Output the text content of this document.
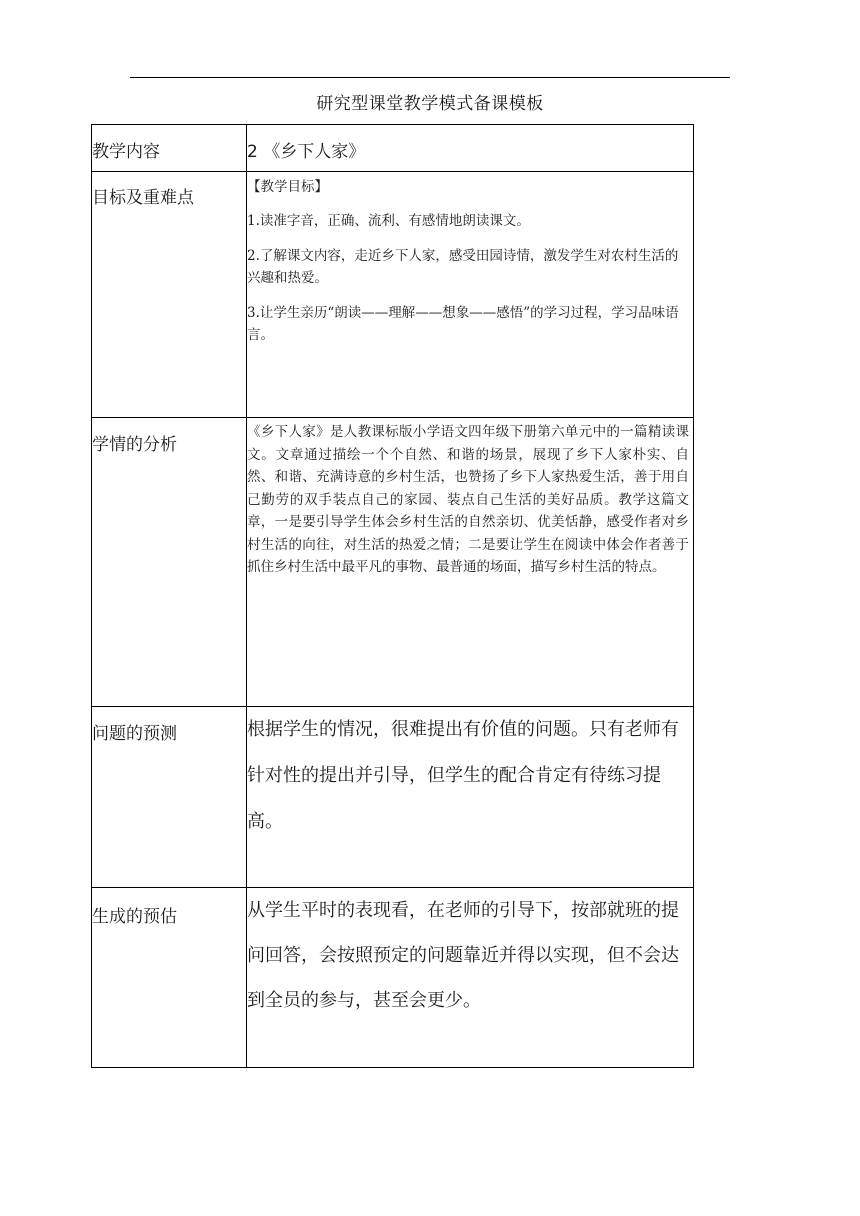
研究型课堂教学模式备课模板
教学内容	2 《乡下人家》

目标及重难点	【教学目标】
1.读准字音，正确、流利、有感情地朗读课文。
2.了解课文内容，走近乡下人家，感受田园诗情，激发学生对农村生活的兴趣和热爱。
3.让学生亲历“朗读——理解——想象——感悟”的学习过程，学习品味语言。

学情的分析	《乡下人家》是人教课标版小学语文四年级下册第六单元中的一篇精读课文。文章通过描绘一个个自然、和谐的场景，展现了乡下人家朴实、自然、和谐、充满诗意的乡村生活，也赞扬了乡下人家热爱生活，善于用自己勤劳的双手装点自己的家园、装点自己生活的美好品质。教学这篇文章，一是要引导学生体会乡村生活的自然亲切、优美恬静，感受作者对乡村生活的向往，对生活的热爱之情；二是要让学生在阅读中体会作者善于抓住乡村生活中最平凡的事物、最普通的场面，描写乡村生活的特点。

问题的预测	根据学生的情况，很难提出有价值的问题。只有老师有针对性的提出并引导，但学生的配合肯定有待练习提高。

生成的预估	从学生平时的表现看，在老师的引导下，按部就班的提问回答，会按照预定的问题靠近并得以实现，但不会达到全员的参与，甚至会更少。
